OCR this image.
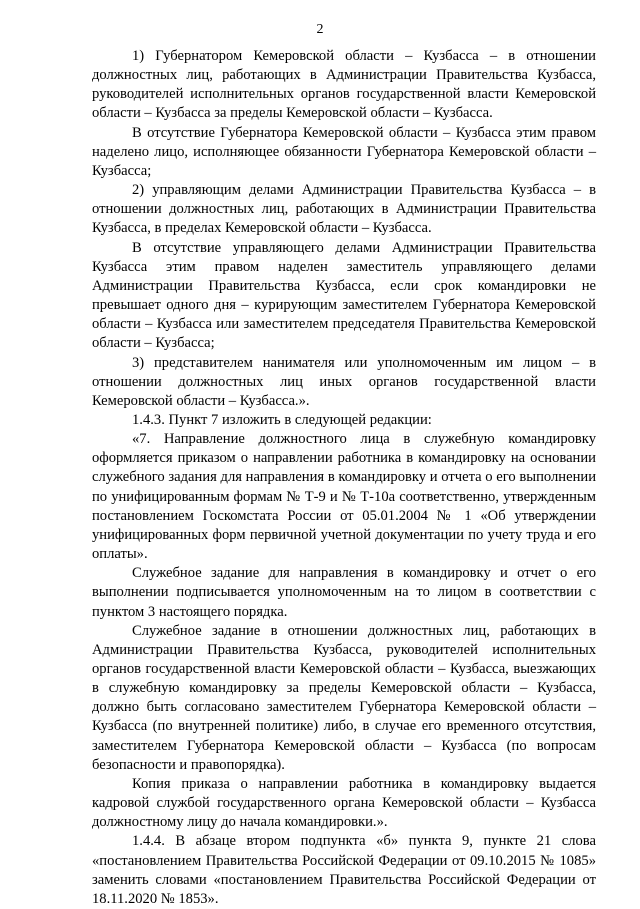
2

1) Губернатором Кемеровской области – Кузбасса – в отношении должностных лиц, работающих в Администрации Правительства Кузбасса, руководителей исполнительных органов государственной власти Кемеровской области – Кузбасса за пределы Кемеровской области – Кузбасса.

В отсутствие Губернатора Кемеровской области – Кузбасса этим правом наделено лицо, исполняющее обязанности Губернатора Кемеровской области – Кузбасса;

2) управляющим делами Администрации Правительства Кузбасса – в отношении должностных лиц, работающих в Администрации Правительства Кузбасса, в пределах Кемеровской области – Кузбасса.

В отсутствие управляющего делами Администрации Правительства Кузбасса этим правом наделен заместитель управляющего делами Администрации Правительства Кузбасса, если срок командировки не превышает одного дня – курирующим заместителем Губернатора Кемеровской области – Кузбасса или заместителем председателя Правительства Кемеровской области – Кузбасса;

3) представителем нанимателя или уполномоченным им лицом – в отношении должностных лиц иных органов государственной власти Кемеровской области – Кузбасса.».

1.4.3. Пункт 7 изложить в следующей редакции:

«7. Направление должностного лица в служебную командировку оформляется приказом о направлении работника в командировку на основании служебного задания для направления в командировку и отчета о его выполнении по унифицированным формам № Т-9 и № Т-10а соответственно, утвержденным постановлением Госкомстата России от 05.01.2004 № 1 «Об утверждении унифицированных форм первичной учетной документации по учету труда и его оплаты».

Служебное задание для направления в командировку и отчет о его выполнении подписывается уполномоченным на то лицом в соответствии с пунктом 3 настоящего порядка.

Служебное задание в отношении должностных лиц, работающих в Администрации Правительства Кузбасса, руководителей исполнительных органов государственной власти Кемеровской области – Кузбасса, выезжающих в служебную командировку за пределы Кемеровской области – Кузбасса, должно быть согласовано заместителем Губернатора Кемеровской области – Кузбасса (по внутренней политике) либо, в случае его временного отсутствия, заместителем Губернатора Кемеровской области – Кузбасса (по вопросам безопасности и правопорядка).

Копия приказа о направлении работника в командировку выдается кадровой службой государственного органа Кемеровской области – Кузбасса должностному лицу до начала командировки.».

1.4.4. В абзаце втором подпункта «б» пункта 9, пункте 21 слова «постановлением Правительства Российской Федерации от 09.10.2015 № 1085» заменить словами «постановлением Правительства Российской Федерации от 18.11.2020 № 1853».
